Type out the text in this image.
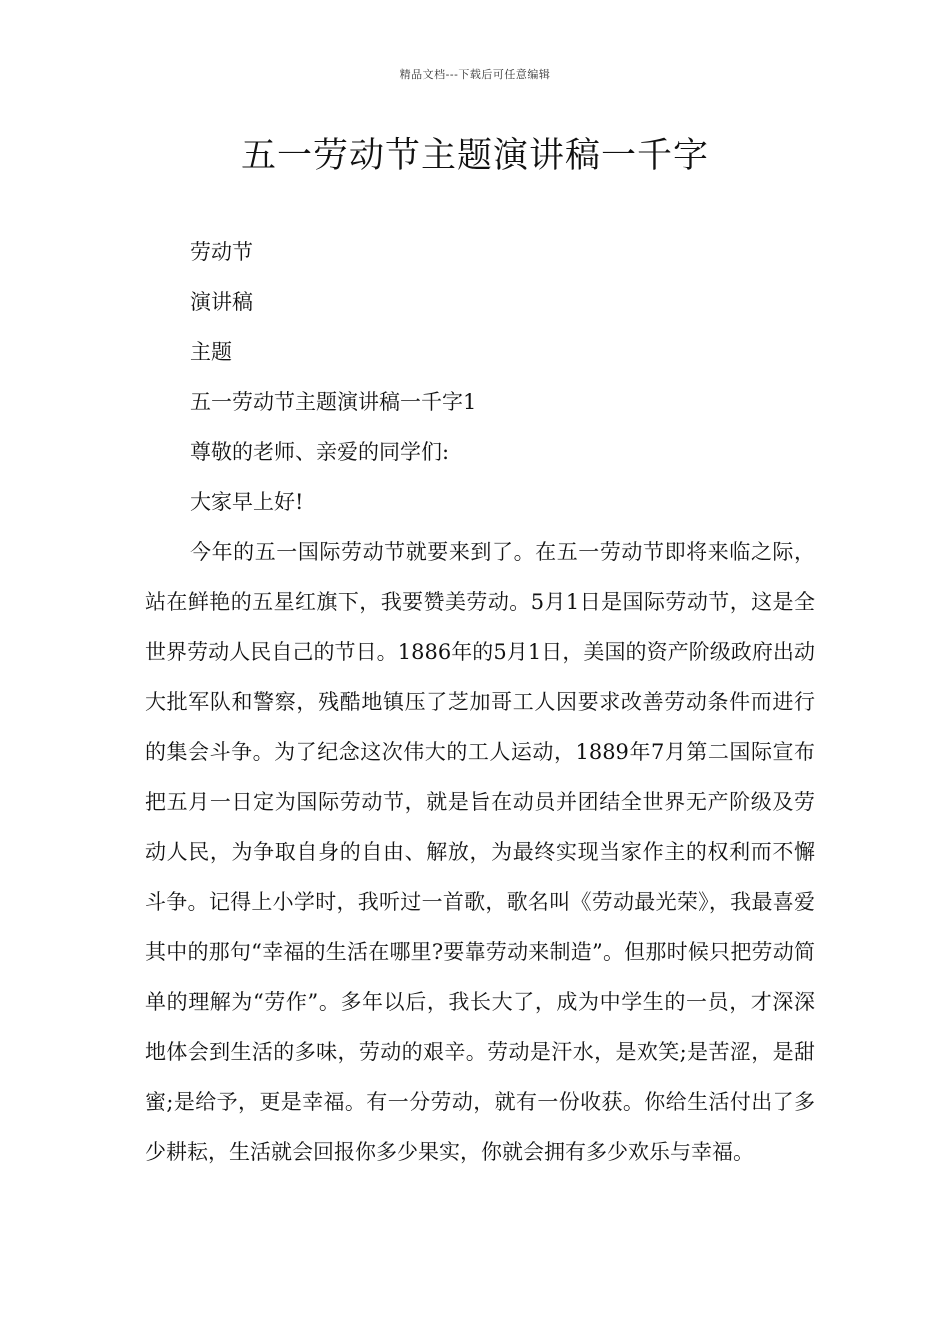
精品文档---下载后可任意编辑
五一劳动节主题演讲稿一千字

劳动节

演讲稿

主题

五一劳动节主题演讲稿一千字1

尊敬的老师、亲爱的同学们:

大家早上好!

今年的五一国际劳动节就要来到了。在五一劳动节即将来临之际，站在鲜艳的五星红旗下，我要赞美劳动。5月1日是国际劳动节，这是全世界劳动人民自己的节日。1886年的5月1日，美国的资产阶级政府出动大批军队和警察，残酷地镇压了芝加哥工人因要求改善劳动条件而进行的集会斗争。为了纪念这次伟大的工人运动，1889年7月第二国际宣布把五月一日定为国际劳动节，就是旨在动员并团结全世界无产阶级及劳动人民，为争取自身的自由、解放，为最终实现当家作主的权利而不懈斗争。记得上小学时，我听过一首歌，歌名叫《劳动最光荣》，我最喜爱其中的那句“幸福的生活在哪里?要靠劳动来制造”。但那时候只把劳动简单的理解为“劳作”。多年以后，我长大了，成为中学生的一员，才深深地体会到生活的多味，劳动的艰辛。劳动是汗水，是欢笑;是苦涩，是甜蜜;是给予，更是幸福。有一分劳动，就有一份收获。你给生活付出了多少耕耘，生活就会回报你多少果实，你就会拥有多少欢乐与幸福。
